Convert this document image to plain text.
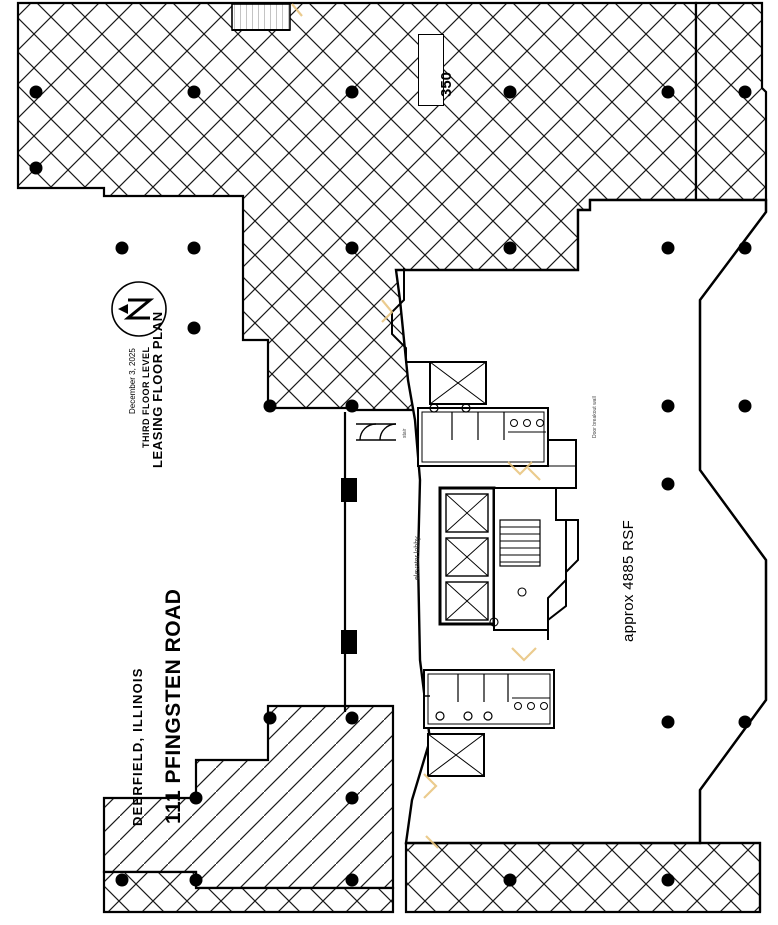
350
LEASING FLOOR PLAN
THIRD FLOOR LEVEL
December 3, 2025
111 PFINGSTEN ROAD
DEERFIELD, ILLINOIS
approx 4885 RSF
elevator lobby
Door breakout wall
stair
